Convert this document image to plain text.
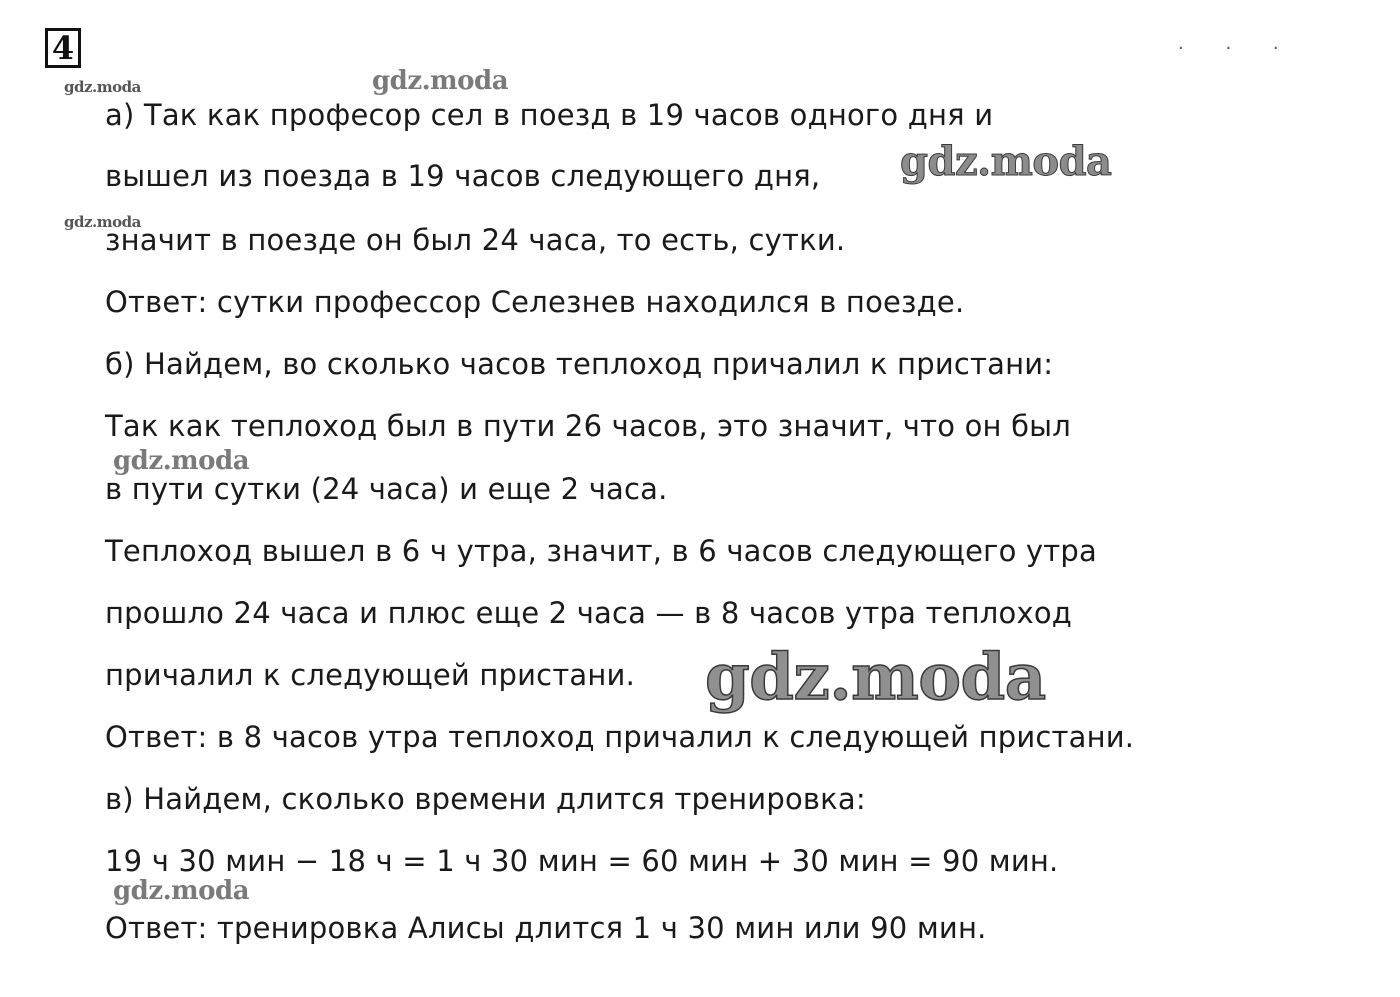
4	· · ·
gdz.moda	gdz.moda
gdz.moda
gdz.moda
gdz.moda
gdz.moda
gdz.moda

а) Так как професор сел в поезд в 19 часов одного дня и

вышел из поезда в 19 часов следующего дня,

значит в поезде он был 24 часа, то есть, сутки.

Ответ: сутки профессор Селезнев находился в поезде.

б) Найдем, во сколько часов теплоход причалил к пристани:

Так как теплоход был в пути 26 часов, это значит, что он был

в пути сутки (24 часа) и еще 2 часа.

Теплоход вышел в 6 ч утра, значит, в 6 часов следующего утра

прошло 24 часа и плюс еще 2 часа — в 8 часов утра теплоход

причалил к следующей пристани.

Ответ: в 8 часов утра теплоход причалил к следующей пристани.

в) Найдем, сколько времени длится тренировка:

19 ч 30 мин − 18 ч = 1 ч 30 мин = 60 мин + 30 мин = 90 мин.

Ответ: тренировка Алисы длится 1 ч 30 мин или 90 мин.
